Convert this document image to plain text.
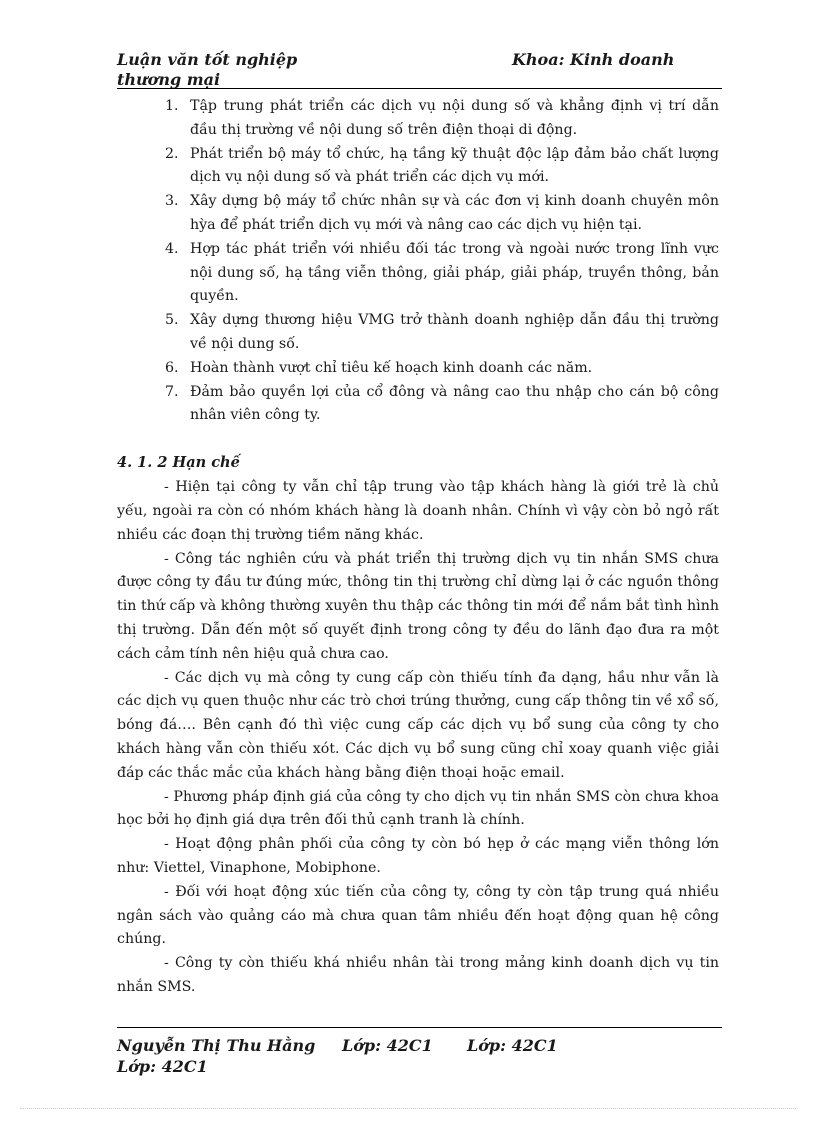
Luận văn tốt nghiệp	Khoa: Kinh doanh
thương mại
1. Tập trung phát triển các dịch vụ nội dung số và khẳng định vị trí dẫn đầu thị trường về nội dung số trên điện thoại di động.
2. Phát triển bộ máy tổ chức, hạ tầng kỹ thuật độc lập đảm bảo chất lượng dịch vụ nội dung số và phát triển các dịch vụ mới.
3. Xây dựng bộ máy tổ chức nhân sự và các đơn vị kinh doanh chuyên môn hỳa để phát triển dịch vụ mới và nâng cao các dịch vụ hiện tại.
4. Hợp tác phát triển với nhiều đối tác trong và ngoài nước trong lĩnh vực nội dung số, hạ tầng viễn thông, giải pháp, giải pháp, truyền thông, bản quyền.
5. Xây dựng thương hiệu VMG trở thành doanh nghiệp dẫn đầu thị trường về nội dung số.
6. Hoàn thành vượt chỉ tiêu kế hoạch kinh doanh các năm.
7. Đảm bảo quyền lợi của cổ đông và nâng cao thu nhập cho cán bộ công nhân viên công ty.
4. 1. 2 Hạn chế

- Hiện tại công ty vẫn chỉ tập trung vào tập khách hàng là giới trẻ là chủ yếu, ngoài ra còn có nhóm khách hàng là doanh nhân. Chính vì vậy còn bỏ ngỏ rất nhiều các đoạn thị trường tiềm năng khác.

- Công tác nghiên cứu và phát triển thị trường dịch vụ tin nhắn SMS chưa được công ty đầu tư đúng mức, thông tin thị trường chỉ dừng lại ở các nguồn thông tin thứ cấp và không thường xuyên thu thập các thông tin mới để nắm bắt tình hình thị trường. Dẫn đến một số quyết định trong công ty đều do lãnh đạo đưa ra một cách cảm tính nên hiệu quả chưa cao.

- Các dịch vụ mà công ty cung cấp còn thiếu tính đa dạng, hầu như vẫn là các dịch vụ quen thuộc như các trò chơi trúng thưởng, cung cấp thông tin về xổ số, bóng đá…. Bên cạnh đó thì việc cung cấp các dịch vụ bổ sung của công ty cho khách hàng vẫn còn thiếu xót. Các dịch vụ bổ sung cũng chỉ xoay quanh việc giải đáp các thắc mắc của khách hàng bằng điện thoại hoặc email.

- Phương pháp định giá của công ty cho dịch vụ tin nhắn SMS còn chưa khoa học bởi họ định giá dựa trên đối thủ cạnh tranh là chính.

- Hoạt động phân phối của công ty còn bó hẹp ở các mạng viễn thông lớn như: Viettel, Vinaphone, Mobiphone.

- Đối với hoạt động xúc tiến của công ty, công ty còn tập trung quá nhiều ngân sách vào quảng cáo mà chưa quan tâm nhiều đến hoạt động quan hệ công chúng.

- Công ty còn thiếu khá nhiều nhân tài trong mảng kinh doanh dịch vụ tin nhắn SMS.

Nguyễn Thị Thu Hằng Lớp: 42C1 Lớp: 42C1
Lớp: 42C1
